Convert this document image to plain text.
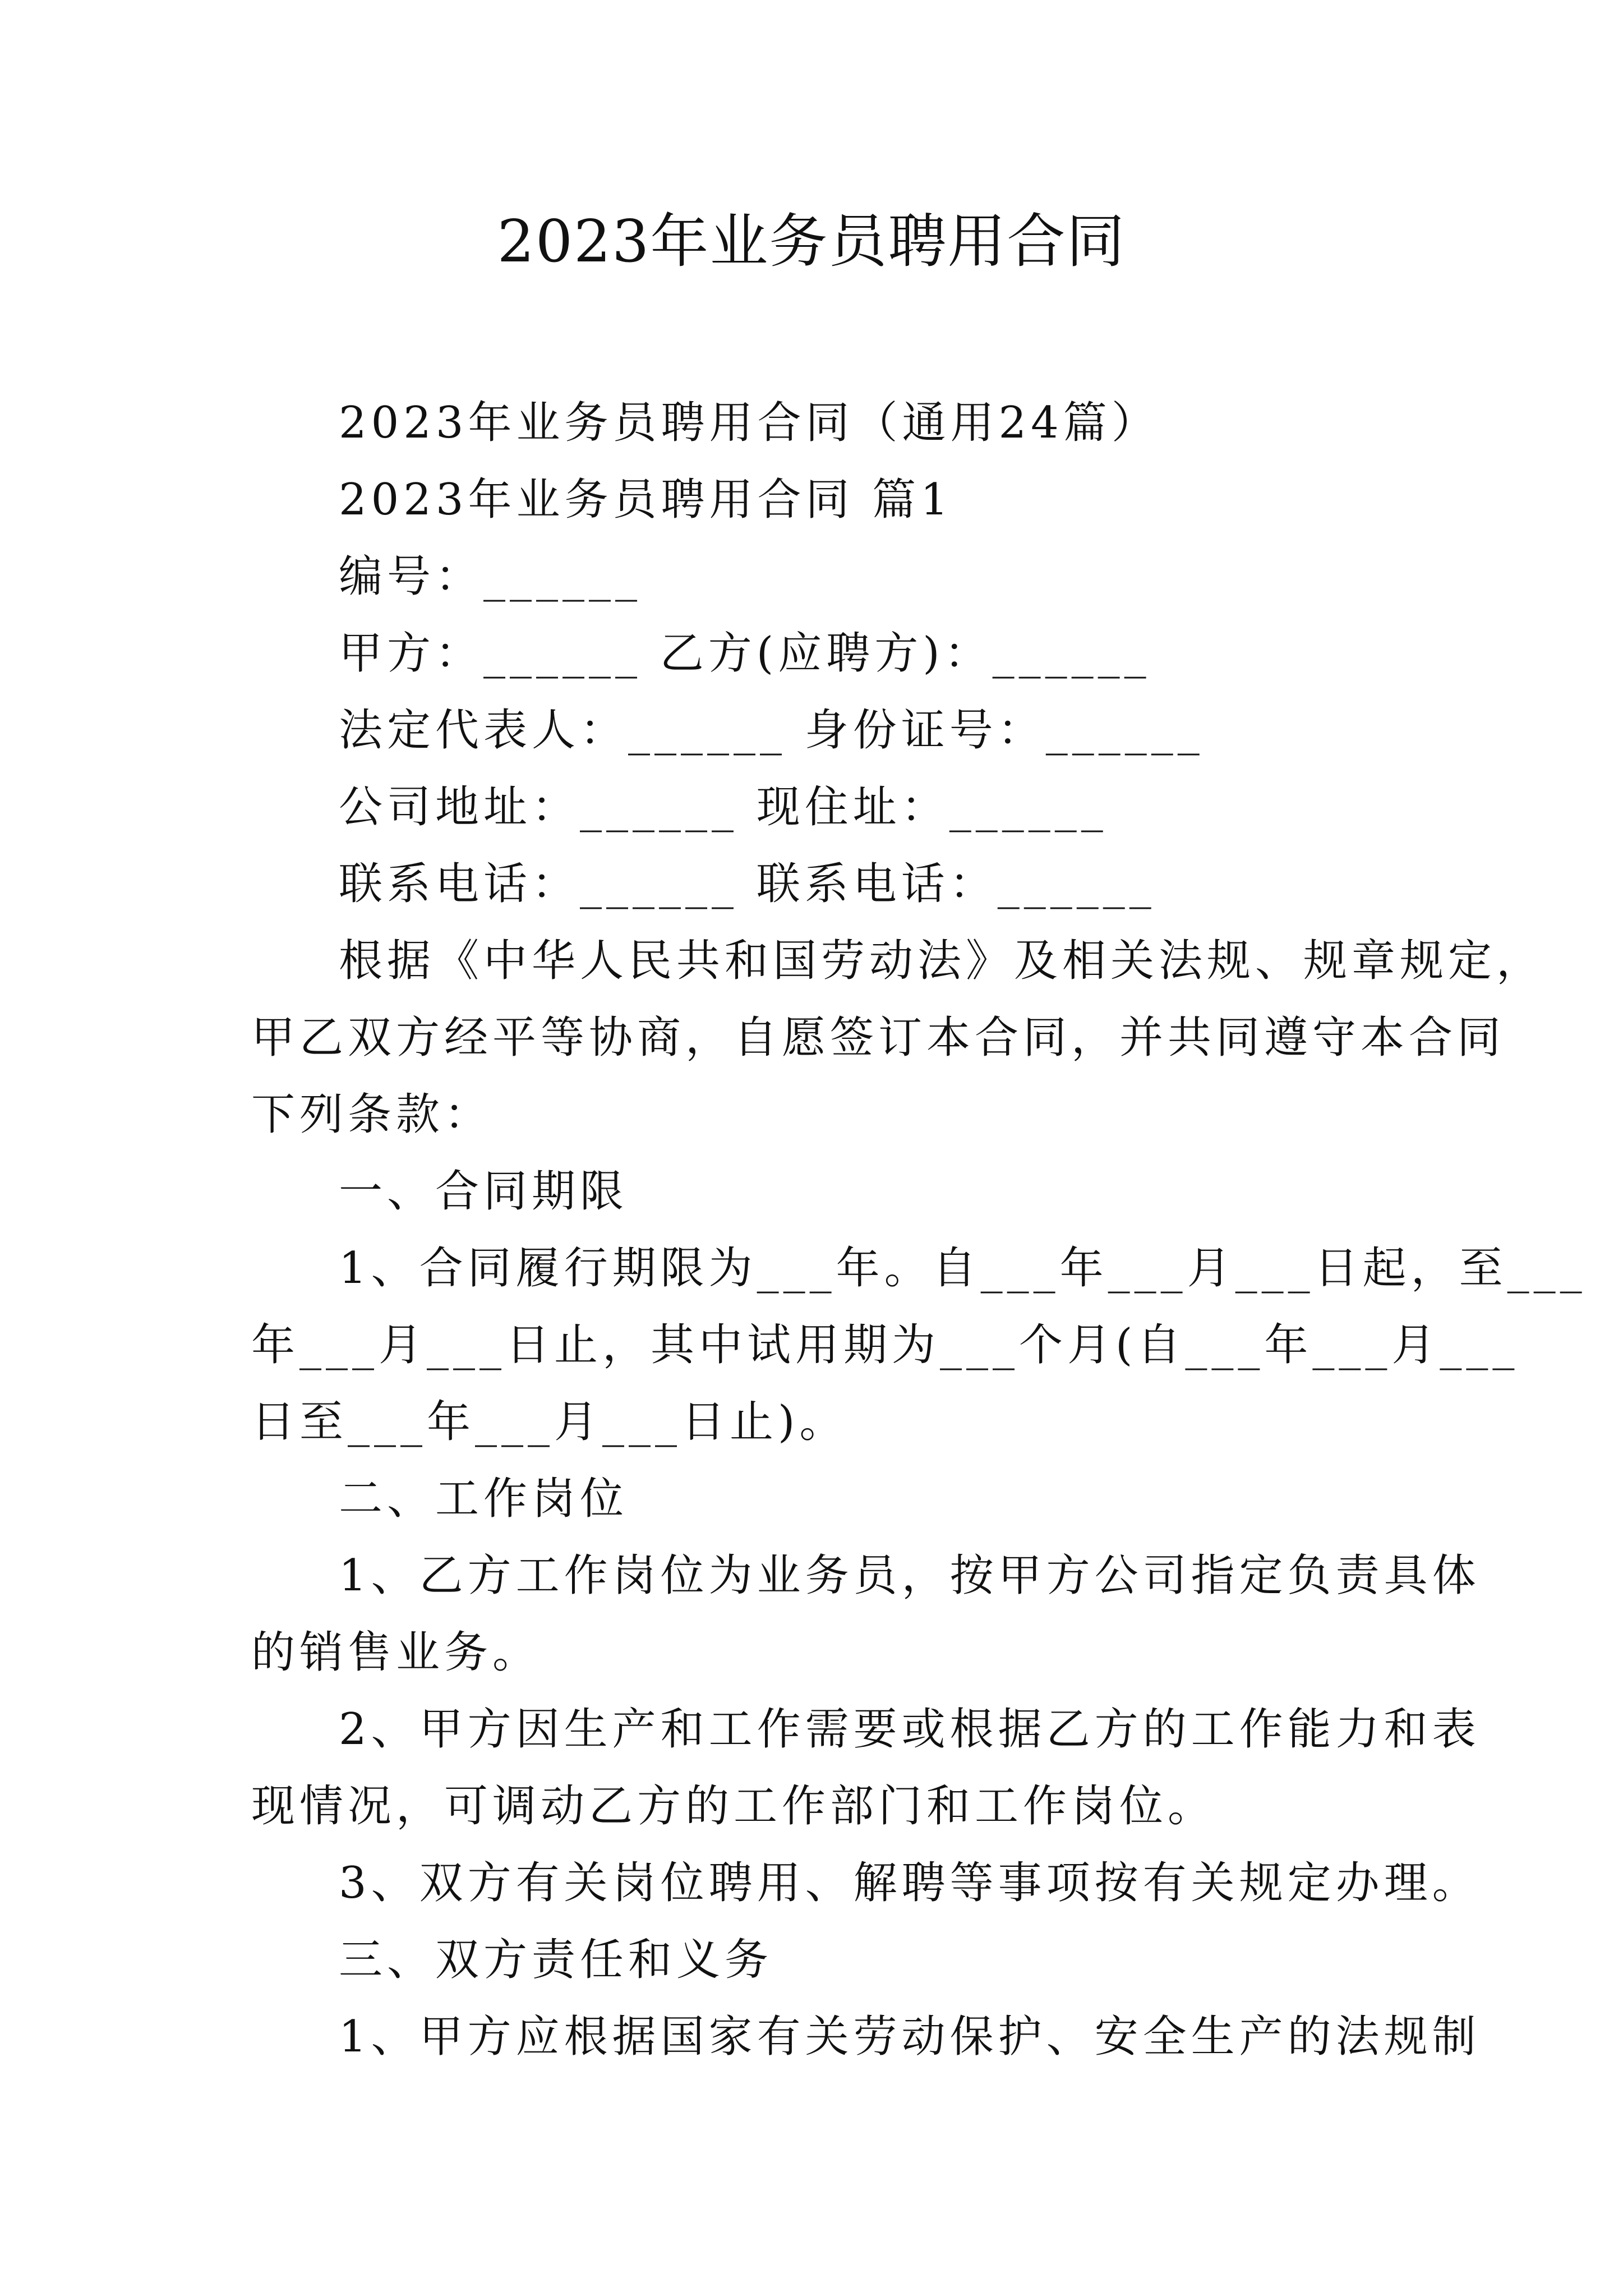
2023年业务员聘用合同
2023年业务员聘用合同（通用24篇）
2023年业务员聘用合同 篇1
编号：______
甲方：______ 乙方(应聘方)：______
法定代表人：______ 身份证号：______
公司地址：______ 现住址：______
联系电话：______ 联系电话：______
根据《中华人民共和国劳动法》及相关法规、规章规定，
甲乙双方经平等协商，自愿签订本合同，并共同遵守本合同
下列条款：
一、合同期限
1、合同履行期限为___年。自___年___月___日起，至___
年___月___日止，其中试用期为___个月(自___年___月___
日至___年___月___日止)。
二、工作岗位
1、乙方工作岗位为业务员，按甲方公司指定负责具体
的销售业务。
2、甲方因生产和工作需要或根据乙方的工作能力和表
现情况，可调动乙方的工作部门和工作岗位。
3、双方有关岗位聘用、解聘等事项按有关规定办理。
三、双方责任和义务
1、甲方应根据国家有关劳动保护、安全生产的法规制
